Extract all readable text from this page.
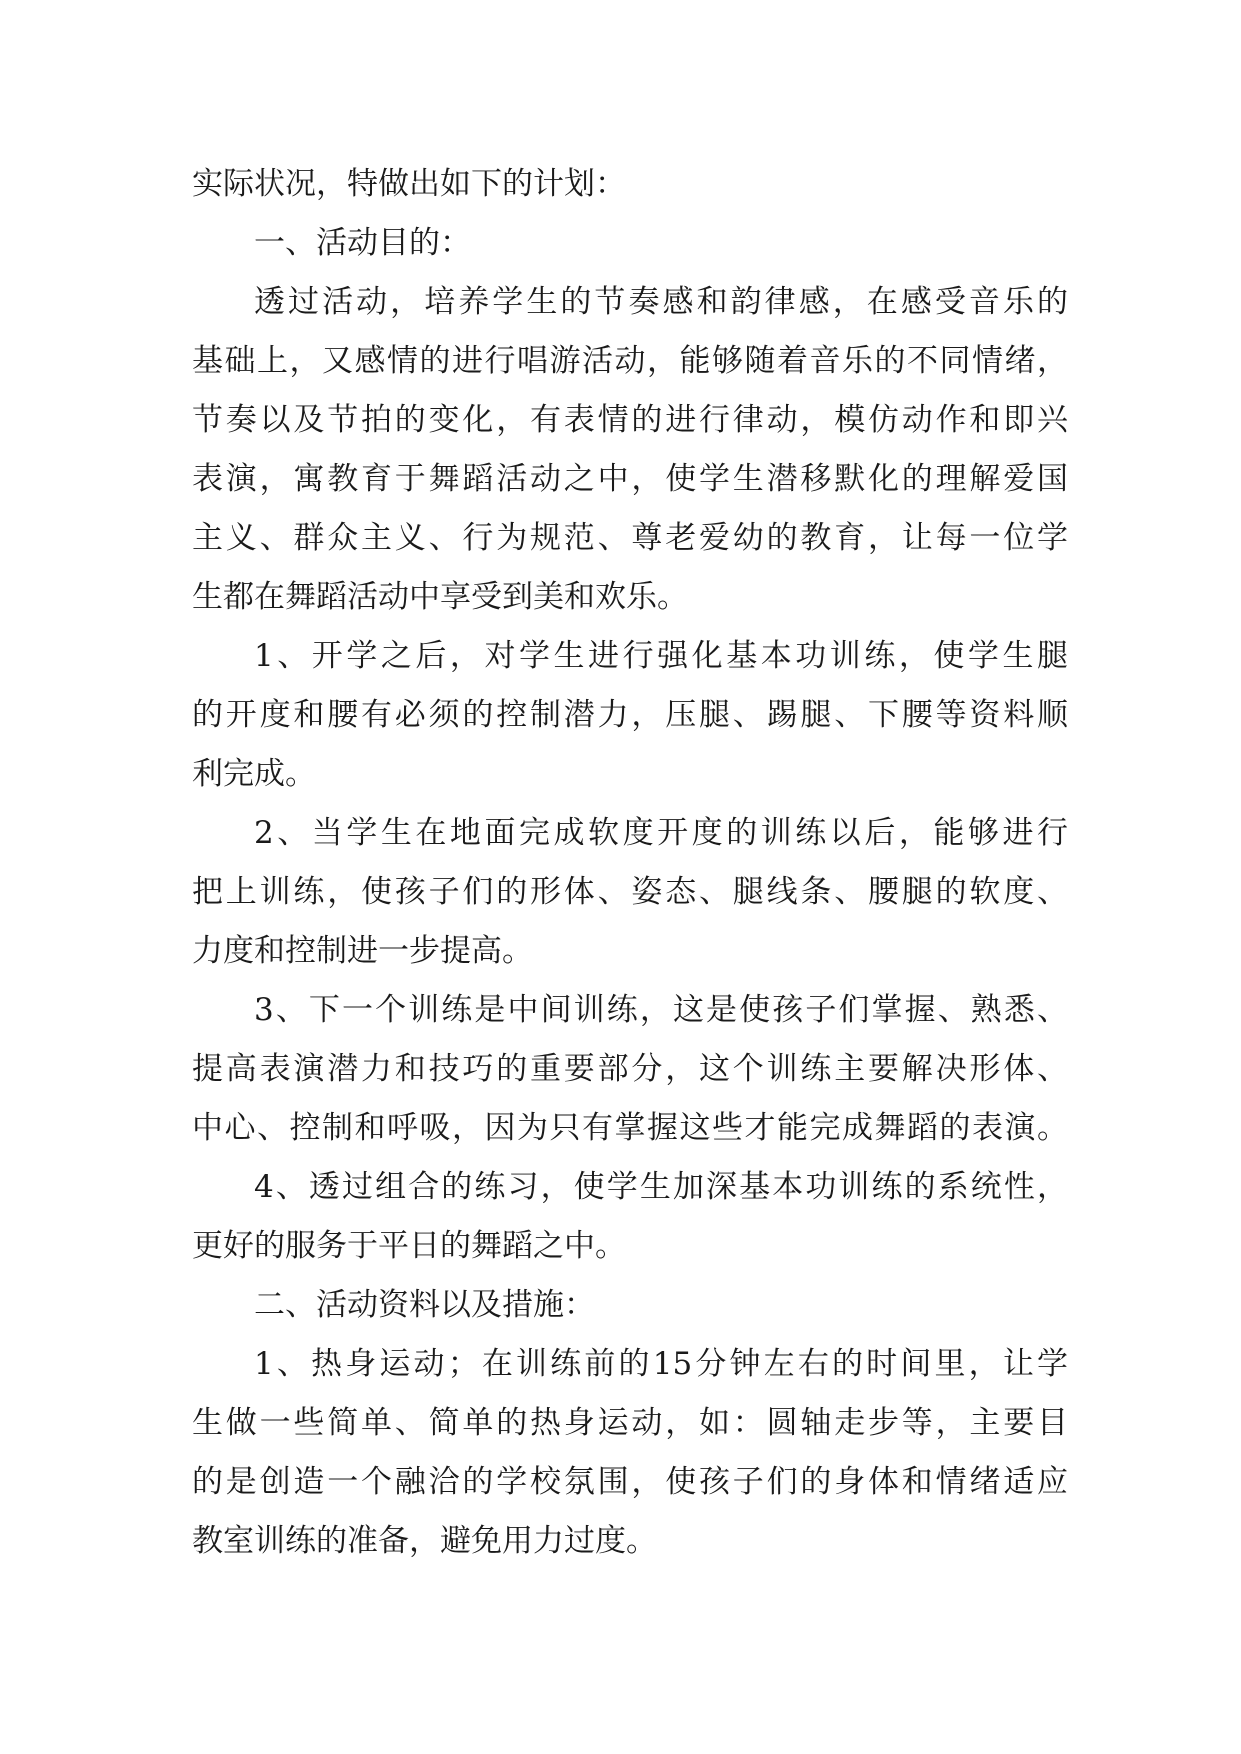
实际状况，特做出如下的计划：
一、活动目的：
透过活动，培养学生的节奏感和韵律感，在感受音乐的
基础上，又感情的进行唱游活动，能够随着音乐的不同情绪，
节奏以及节拍的变化，有表情的进行律动，模仿动作和即兴
表演，寓教育于舞蹈活动之中，使学生潜移默化的理解爱国
主义、群众主义、行为规范、尊老爱幼的教育，让每一位学
生都在舞蹈活动中享受到美和欢乐。
1、开学之后，对学生进行强化基本功训练，使学生腿
的开度和腰有必须的控制潜力，压腿、踢腿、下腰等资料顺
利完成。
2、当学生在地面完成软度开度的训练以后，能够进行
把上训练，使孩子们的形体、姿态、腿线条、腰腿的软度、
力度和控制进一步提高。
3、下一个训练是中间训练，这是使孩子们掌握、熟悉、
提高表演潜力和技巧的重要部分，这个训练主要解决形体、
中心、控制和呼吸，因为只有掌握这些才能完成舞蹈的表演。
4、透过组合的练习，使学生加深基本功训练的系统性，
更好的服务于平日的舞蹈之中。
二、活动资料以及措施：
1、热身运动；在训练前的15分钟左右的时间里，让学
生做一些简单、简单的热身运动，如：圆轴走步等，主要目
的是创造一个融洽的学校氛围，使孩子们的身体和情绪适应
教室训练的准备，避免用力过度。
